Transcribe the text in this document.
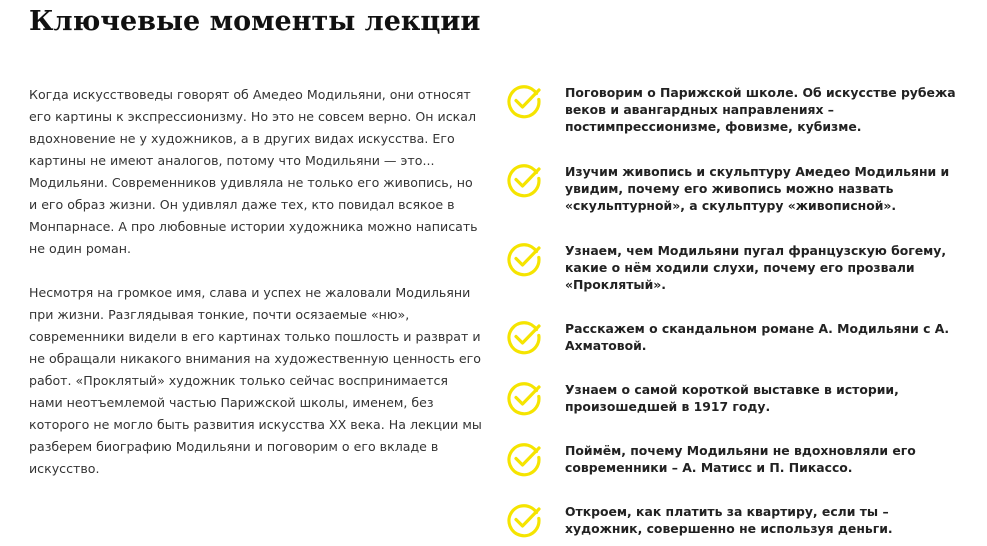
Ключевые моменты лекции

Когда искусствоведы говорят об Амедео Модильяни, они относят его картины к экспрессионизму. Но это не совсем верно. Он искал вдохновение не у художников, а в других видах искусства. Его картины не имеют аналогов, потому что Модильяни — это... Модильяни. Современников удивляла не только его живопись, но и его образ жизни. Он удивлял даже тех, кто повидал всякое в Монпарнасе. А про любовные истории художника можно написать не один роман.

Несмотря на громкое имя, слава и успех не жаловали Модильяни при жизни. Разглядывая тонкие, почти осязаемые «ню», современники видели в его картинах только пошлость и разврат и не обращали никакого внимания на художественную ценность его работ. «Проклятый» художник только сейчас воспринимается нами неотъемлемой частью Парижской школы, именем, без которого не могло быть развития искусства XX века. На лекции мы разберем биографию Модильяни и поговорим о его вкладе в искусство.

Поговорим о Парижской школе. Об искусстве рубежа веков и авангардных направлениях – постимпрессионизме, фовизме, кубизме.
Изучим живопись и скульптуру Амедео Модильяни и увидим, почему его живопись можно назвать «скульптурной», а скульптуру «живописной».
Узнаем, чем Модильяни пугал французскую богему, какие о нём ходили слухи, почему его прозвали «Проклятый».
Расскажем о скандальном романе А. Модильяни с А. Ахматовой.
Узнаем о самой короткой выставке в истории, произошедшей в 1917 году.
Поймём, почему Модильяни не вдохновляли его современники – А. Матисс и П. Пикассо.
Откроем, как платить за квартиру, если ты – художник, совершенно не используя деньги.
